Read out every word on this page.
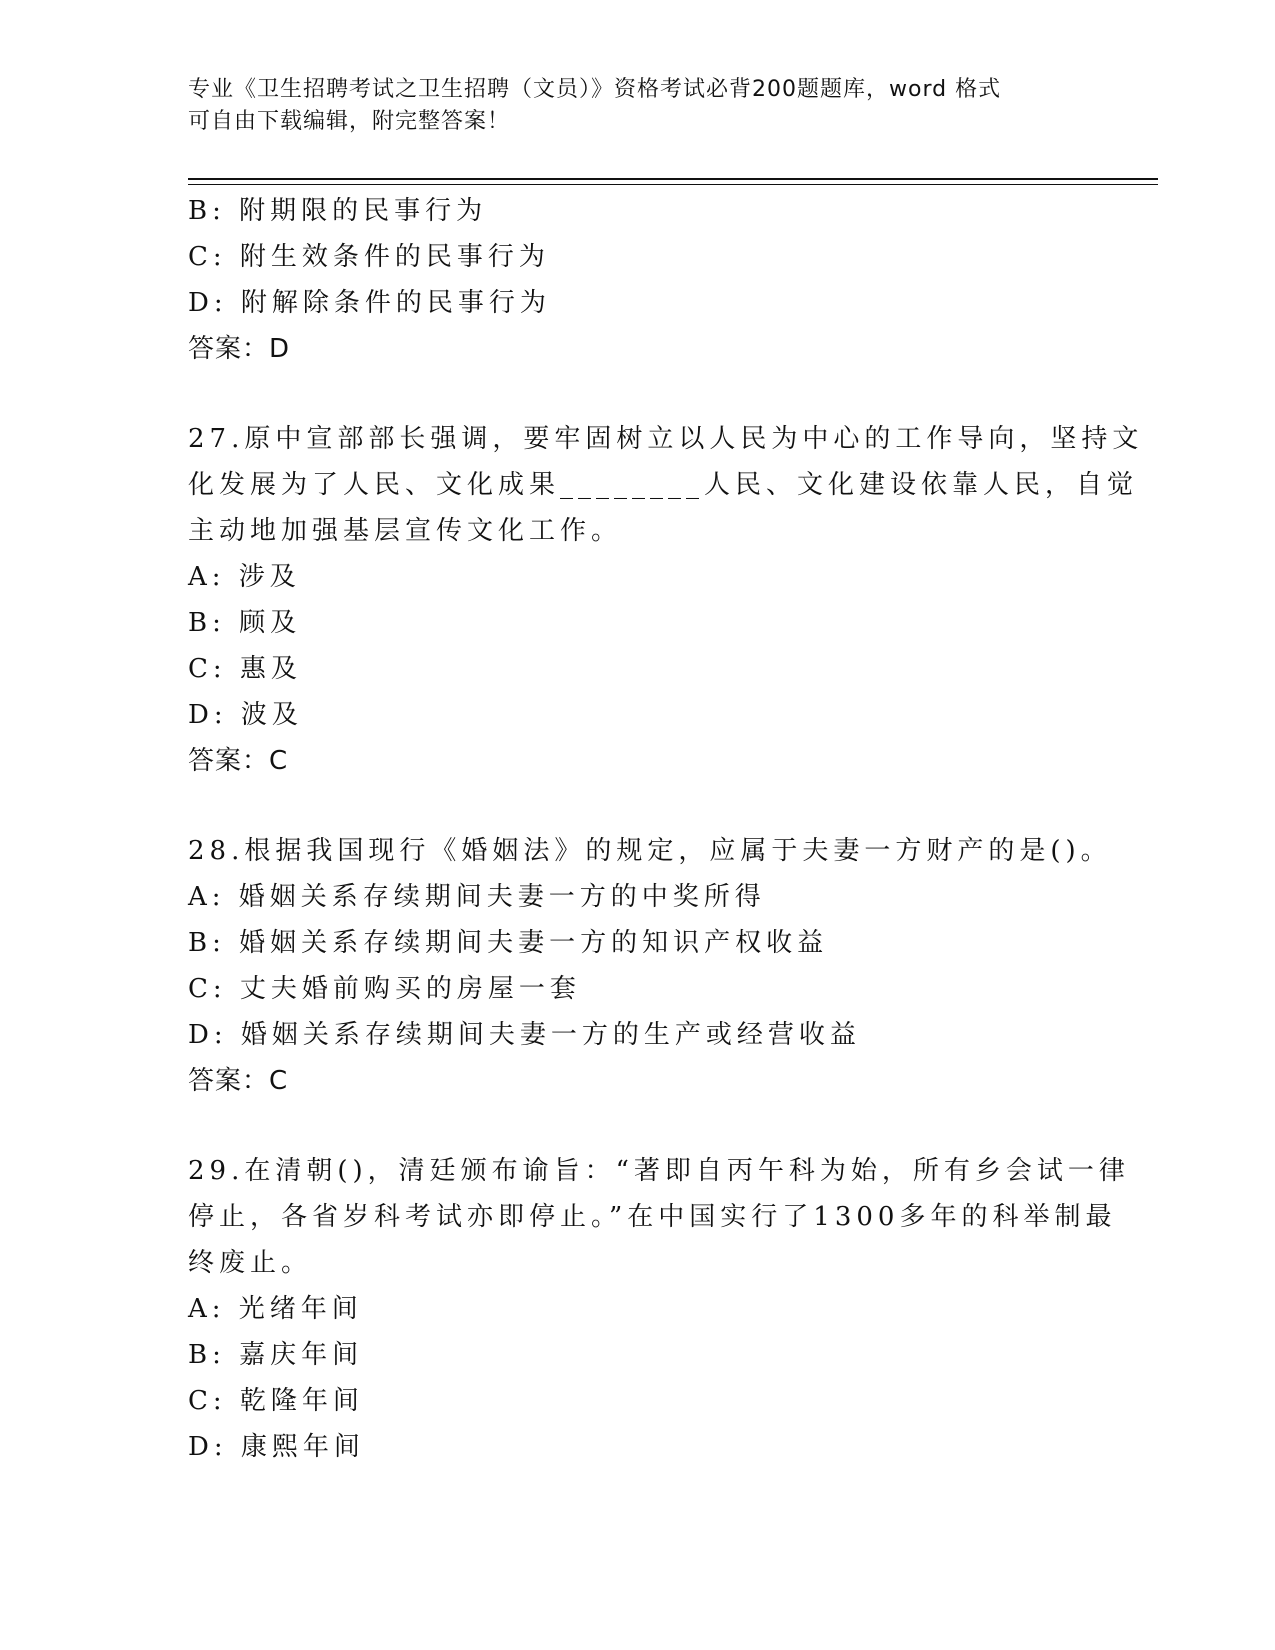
专业《卫生招聘考试之卫生招聘（文员）》资格考试必背200题题库，word 格式
可自由下载编辑，附完整答案！
B: 附期限的民事行为
C: 附生效条件的民事行为
D: 附解除条件的民事行为
答案：D
27.原中宣部部长强调，要牢固树立以人民为中心的工作导向，坚持文
化发展为了人民、文化成果________人民、文化建设依靠人民，自觉
主动地加强基层宣传文化工作。
A: 涉及
B: 顾及
C: 惠及
D: 波及
答案：C
28.根据我国现行《婚姻法》的规定，应属于夫妻一方财产的是()。
A: 婚姻关系存续期间夫妻一方的中奖所得
B: 婚姻关系存续期间夫妻一方的知识产权收益
C: 丈夫婚前购买的房屋一套
D: 婚姻关系存续期间夫妻一方的生产或经营收益
答案：C
29.在清朝()，清廷颁布谕旨：“著即自丙午科为始，所有乡会试一律
停止，各省岁科考试亦即停止。”在中国实行了1300多年的科举制最
终废止。
A: 光绪年间
B: 嘉庆年间
C: 乾隆年间
D: 康熙年间
